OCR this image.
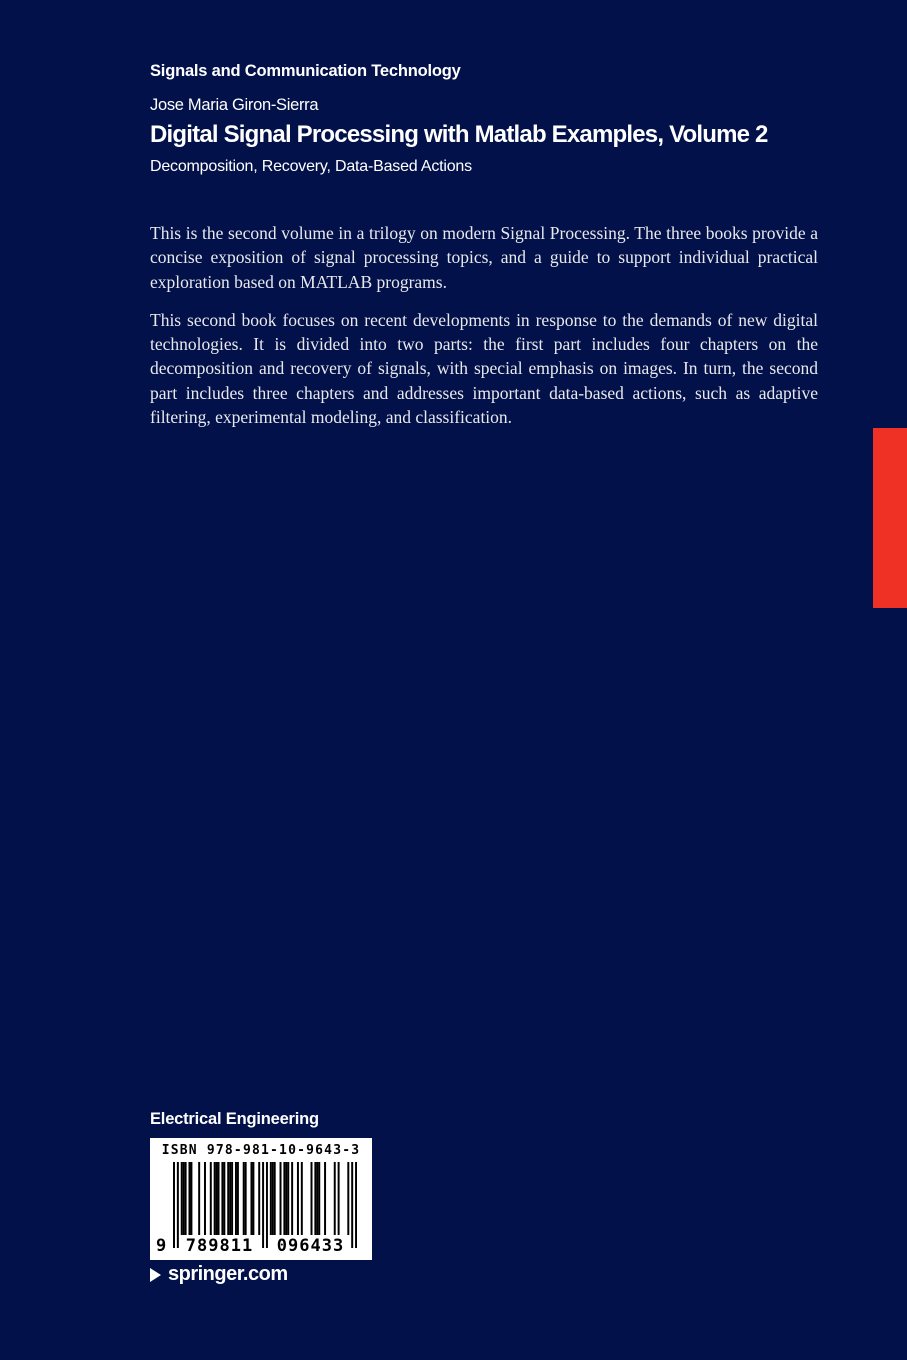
Signals and Communication Technology
Jose Maria Giron-Sierra
Digital Signal Processing with Matlab Examples, Volume 2
Decomposition, Recovery, Data-Based Actions

This is the second volume in a trilogy on modern Signal Processing. The three books provide a concise exposition of signal processing topics, and a guide to support individual practical exploration based on MATLAB programs.

This second book focuses on recent developments in response to the demands of new digital technologies. It is divided into two parts: the first part includes four chapters on the decomposition and recovery of signals, with special emphasis on images. In turn, the second part includes three chapters and addresses important data-based actions, such as adaptive filtering, experimental modeling, and classification.

Electrical Engineering
ISBN 978-981-10-9643-3
9	789811	096433
springer.com
